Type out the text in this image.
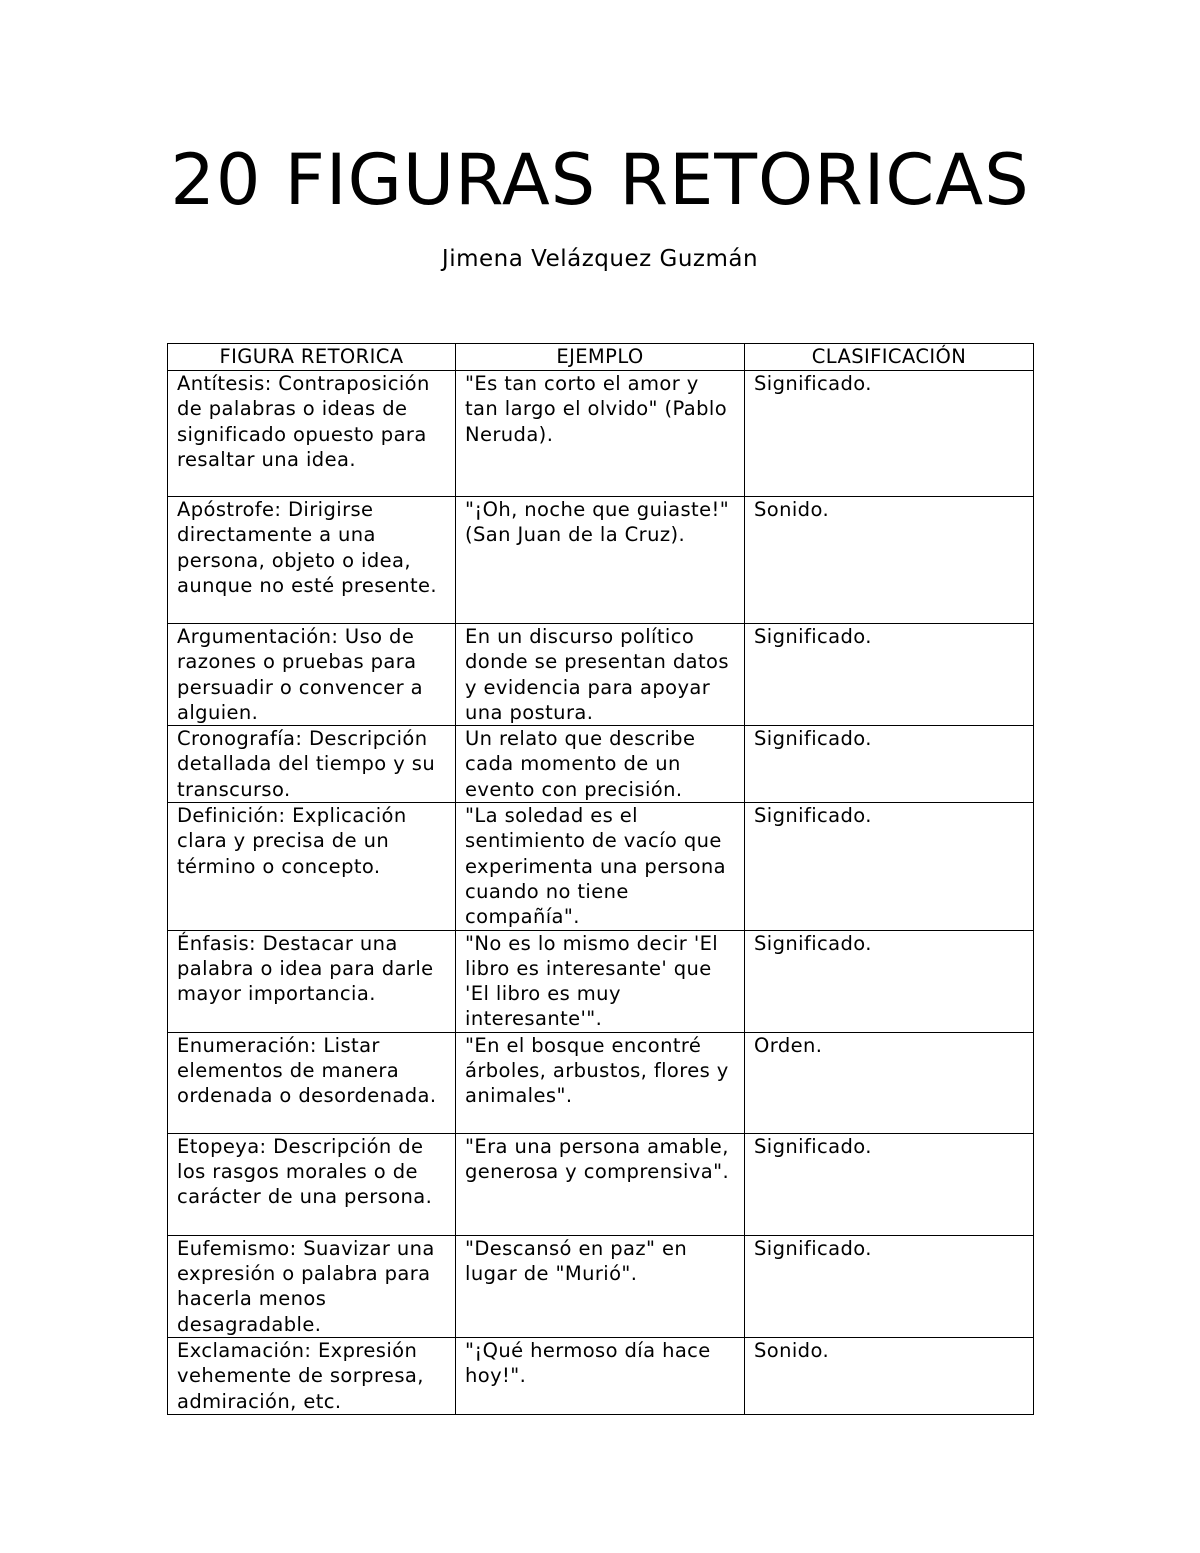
20 FIGURAS RETORICAS
Jimena Velázquez Guzmán
FIGURA RETORICA	EJEMPLO	CLASIFICACIÓN
Antítesis: Contraposición de palabras o ideas de significado opuesto para resaltar una idea.	"Es tan corto el amor y tan largo el olvido" (Pablo Neruda).	Significado.
Apóstrofe: Dirigirse directamente a una persona, objeto o idea, aunque no esté presente.	"¡Oh, noche que guiaste!" (San Juan de la Cruz).	Sonido.
Argumentación: Uso de razones o pruebas para persuadir o convencer a alguien.	En un discurso político donde se presentan datos y evidencia para apoyar una postura.	Significado.
Cronografía: Descripción detallada del tiempo y su transcurso.	Un relato que describe cada momento de un evento con precisión.	Significado.
Definición: Explicación clara y precisa de un término o concepto.	"La soledad es el sentimiento de vacío que experimenta una persona cuando no tiene compañía".	Significado.
Énfasis: Destacar una palabra o idea para darle mayor importancia.	"No es lo mismo decir 'El libro es interesante' que 'El libro es muy interesante'".	Significado.
Enumeración: Listar elementos de manera ordenada o desordenada.	"En el bosque encontré árboles, arbustos, flores y animales".	Orden.
Etopeya: Descripción de los rasgos morales o de carácter de una persona.	"Era una persona amable, generosa y comprensiva".	Significado.
Eufemismo: Suavizar una expresión o palabra para hacerla menos desagradable.	"Descansó en paz" en lugar de "Murió".	Significado.
Exclamación: Expresión vehemente de sorpresa, admiración, etc.	"¡Qué hermoso día hace hoy!".	Sonido.
